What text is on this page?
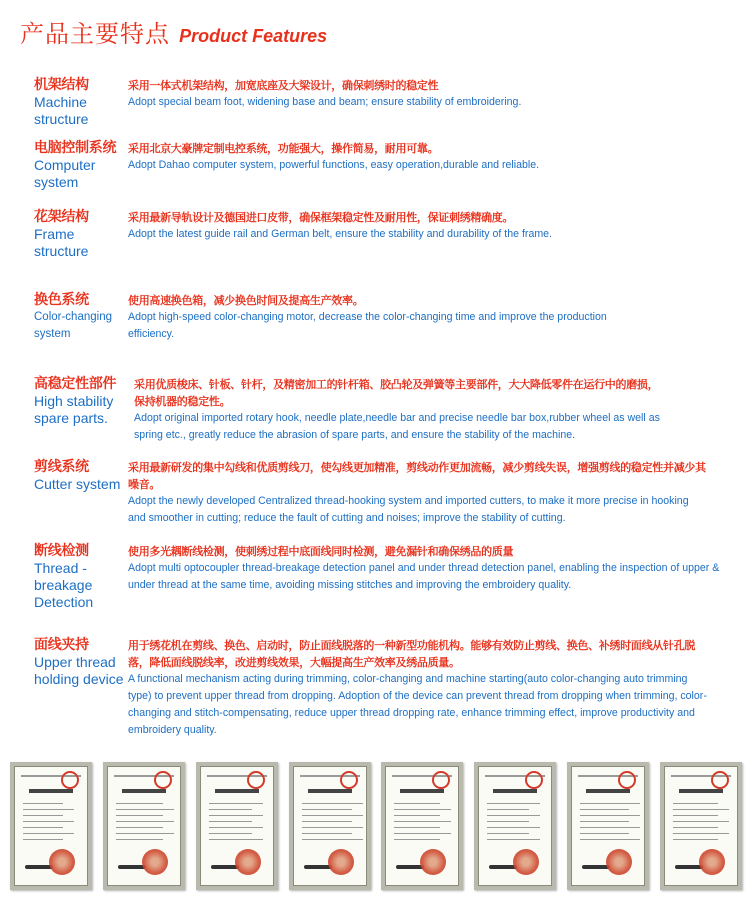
产品主要特点 Product Features
机架结构
Machine structure
采用一体式机架结构，加宽底座及大梁设计，确保刺绣时的稳定性
Adopt special beam foot, widening base and beam; ensure stability of embroidering.
电脑控制系统
Computer system
采用北京大豪牌定制电控系统，功能强大，操作简易，耐用可靠。
Adopt Dahao computer system, powerful functions, easy operation,durable and reliable.
花架结构
Frame structure
采用最新导轨设计及德国进口皮带，确保框架稳定性及耐用性，保证刺绣精确度。
Adopt the latest guide rail and German belt, ensure the stability and durability of the frame.
换色系统
Color-changing system
使用高速换色箱，减少换色时间及提高生产效率。
Adopt high-speed color-changing motor, decrease the color-changing time and improve the production efficiency.
高稳定性部件
High stability spare parts.
采用优质梭床、针板、针杆，及精密加工的针杆箱、胶凸轮及弹簧等主要部件，大大降低零件在运行中的磨损，保持机器的稳定性。
Adopt original imported rotary hook, needle plate,needle bar and precise needle bar box,rubber wheel as well as spring etc., greatly reduce the abrasion of spare parts, and ensure the stability of the machine.
剪线系统
Cutter system
采用最新研发的集中勾线和优质剪线刀，使勾线更加精准，剪线动作更加流畅，减少剪线失误，增强剪线的稳定性并减少其噪音。
Adopt the newly developed Centralized thread-hooking system and imported cutters, to make it more precise in hooking and smoother in cutting; reduce the fault of cutting and noises; improve the stability of cutting.
断线检测
Thread -breakage Detection
使用多光耦断线检测，使刺绣过程中底面线同时检测，避免漏针和确保绣品的质量
Adopt multi optocoupler thread-breakage detection panel and under thread detection panel, enabling the inspection of upper & under thread at the same time, avoiding missing stitches and improving the embroidery quality.
面线夹持
Upper thread holding device
用于绣花机在剪线、换色、启动时，防止面线脱落的一种新型功能机构。能够有效防止剪线、换色、补绣时面线从针孔脱落，降低面线脱线率，改进剪线效果，大幅提高生产效率及绣品质量。
A functional mechanism acting during trimming, color-changing and machine starting(auto color-changing auto trimming type) to prevent upper thread from dropping. Adoption of the device can prevent thread from dropping when trimming, color-changing and stitch-compensating, reduce upper thread dropping rate, enhance trimming effect, improve productivity and embroidery quality.
